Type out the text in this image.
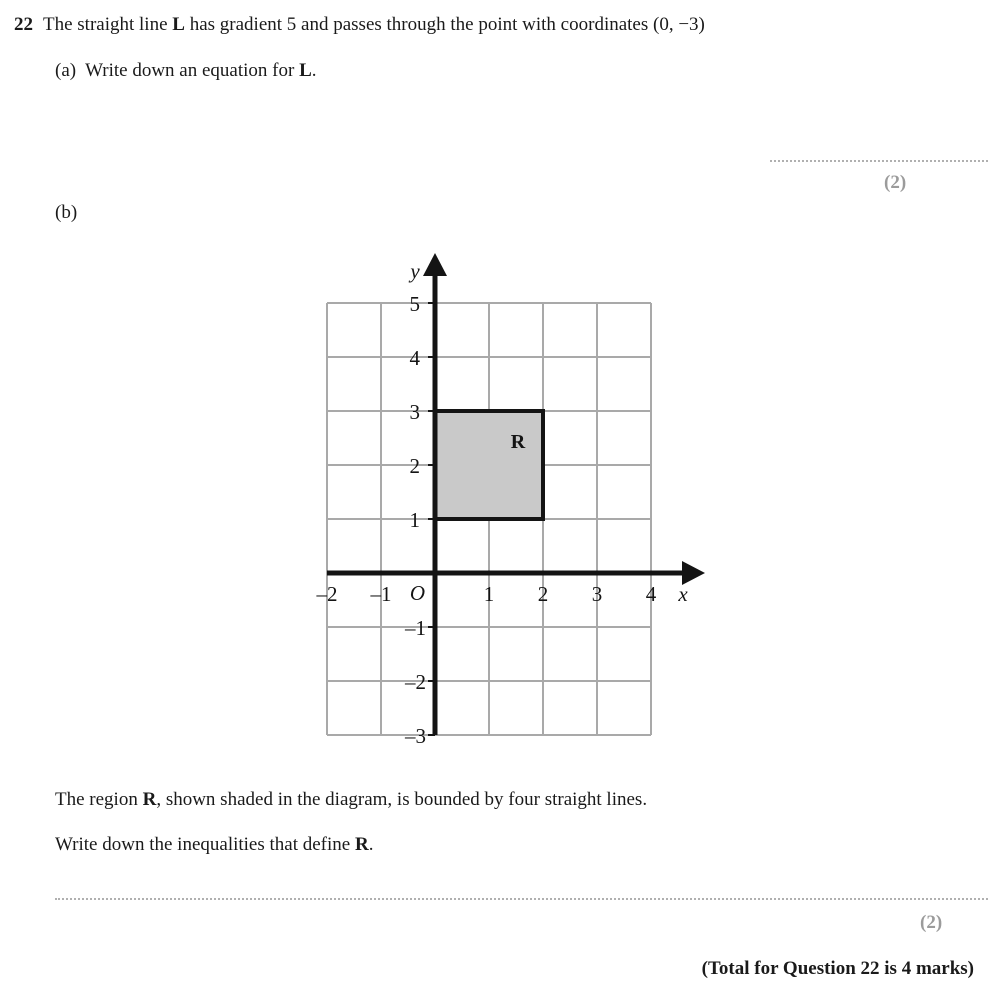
22 The straight line L has gradient 5 and passes through the point with coordinates (0, −3)
(a) Write down an equation for L.
(2)
(b)
R
5
4
3
2
1
–1
–2
–3
–2 –1	1 2 3 4
O	x
y
The region R, shown shaded in the diagram, is bounded by four straight lines.
Write down the inequalities that define R.
(2)
(Total for Question 22 is 4 marks)
